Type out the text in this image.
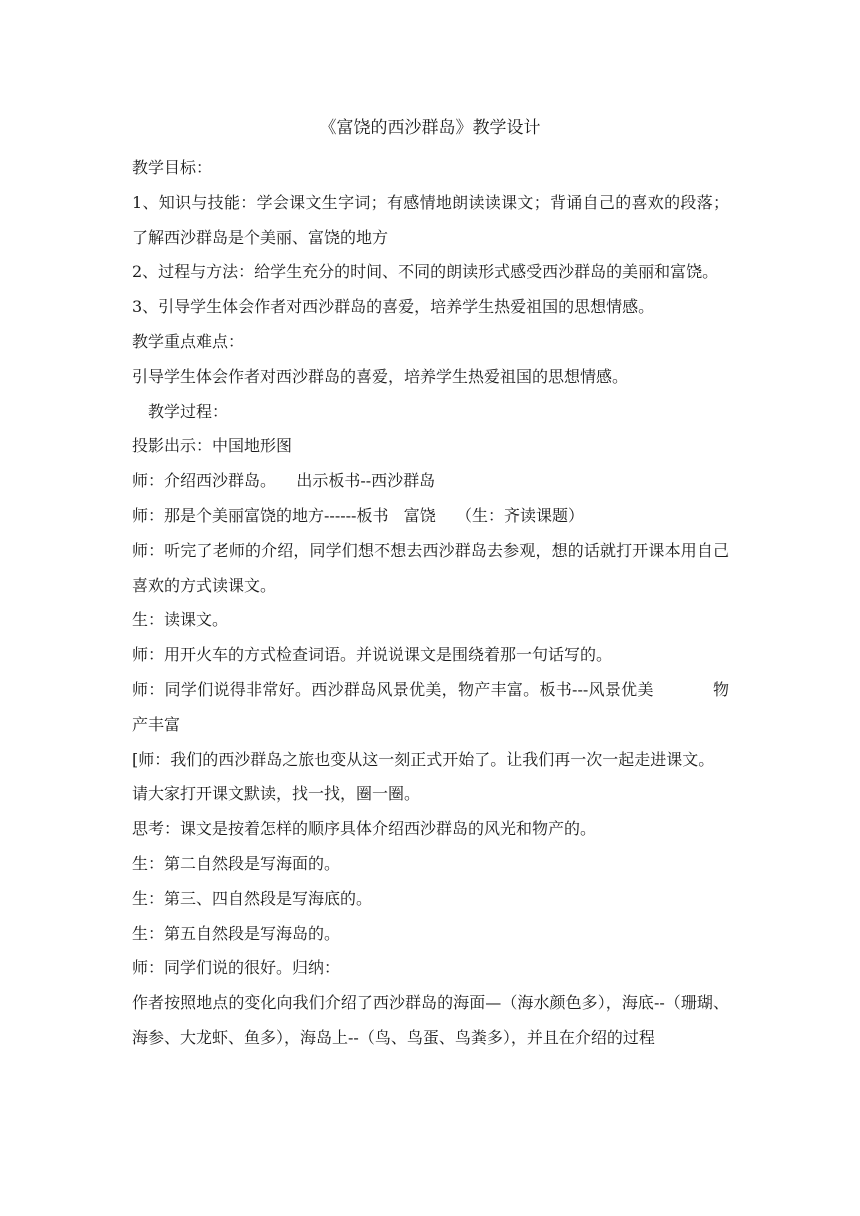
《富饶的西沙群岛》教学设计

教学目标：

1、知识与技能：学会课文生字词；有感情地朗读读课文；背诵自己的喜欢的段落；了解西沙群岛是个美丽、富饶的地方

2、过程与方法：给学生充分的时间、不同的朗读形式感受西沙群岛的美丽和富饶。

3、引导学生体会作者对西沙群岛的喜爱，培养学生热爱祖国的思想情感。

教学重点难点：

引导学生体会作者对西沙群岛的喜爱，培养学生热爱祖国的思想情感。

教学过程：

投影出示：中国地形图

师：介绍西沙群岛。    出示板书--西沙群岛

师：那是个美丽富饶的地方------板书   富饶    （生：齐读课题）

师：听完了老师的介绍，同学们想不想去西沙群岛去参观，想的话就打开课本用自己喜欢的方式读课文。

生：读课文。

师：用开火车的方式检查词语。并说说课文是围绕着那一句话写的。

师：同学们说得非常好。西沙群岛风景优美，物产丰富。板书---风景优美           物产丰富

[师：我们的西沙群岛之旅也变从这一刻正式开始了。让我们再一次一起走进课文。

请大家打开课文默读，找一找，圈一圈。

思考：课文是按着怎样的顺序具体介绍西沙群岛的风光和物产的。

生：第二自然段是写海面的。

生：第三、四自然段是写海底的。

生：第五自然段是写海岛的。

师：同学们说的很好。归纳：

作者按照地点的变化向我们介绍了西沙群岛的海面—（海水颜色多），海底--（珊瑚、海参、大龙虾、鱼多），海岛上--（鸟、鸟蛋、鸟粪多），并且在介绍的过程
